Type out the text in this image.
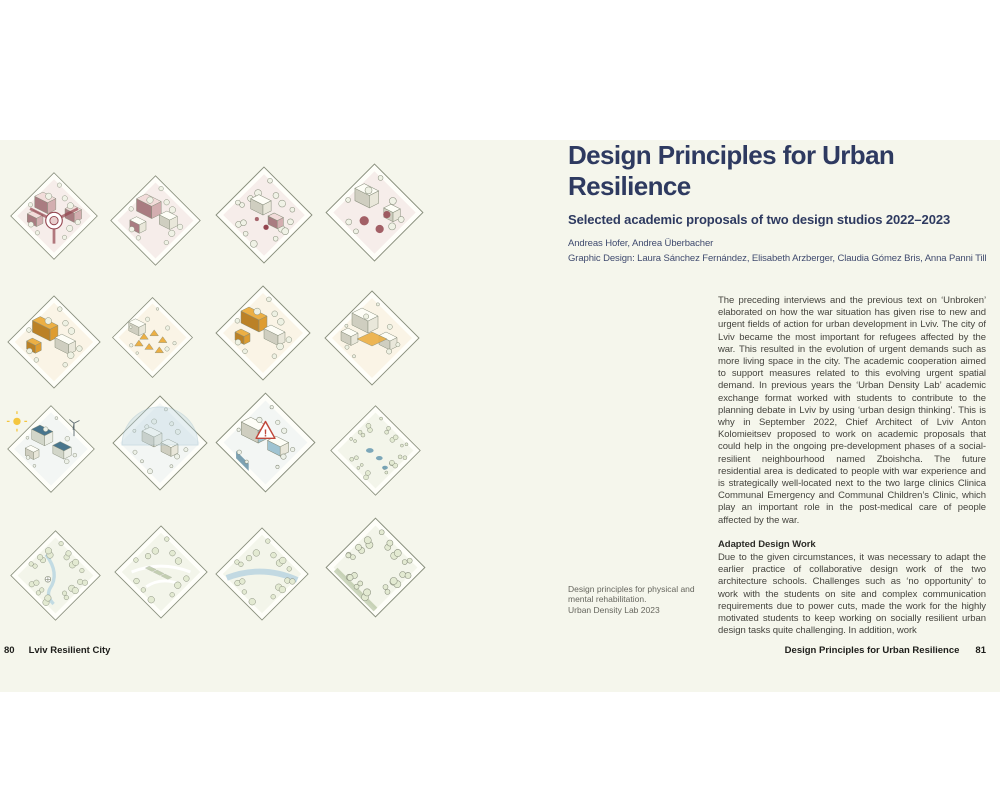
!
80 Lviv Resilient City
Design Principles for Urban Resilience
Selected academic proposals of two design studios 2022–2023
Andreas Hofer, Andrea Überbacher
Graphic Design: Laura Sánchez Fernández, Elisabeth Arzberger, Claudia Gómez Bris, Anna Panni Till

The preceding interviews and the previous text on ‘Unbroken’ elaborated on how the war situation has given rise to new and urgent fields of action for urban development in Lviv. The city of Lviv became the most important for refugees affected by the war. This resulted in the evolution of urgent demands such as more living space in the city. The academic cooperation aimed to support measures related to this evolving urgent spatial demand. In previous years the ‘Urban Density Lab’ academic exchange format worked with students to contribute to the planning debate in Lviv by using ‘urban design thinking’. This is why in September 2022, Chief Architect of Lviv Anton Kolomieitsev proposed to work on academic proposals that could help in the ongoing pre-development phases of a social-resilient neighbourhood named Zboishcha. The future residential area is dedicated to people with war experience and is strategically well-located next to the two large clinics Clinica Communal Emergency and Communal Children’s Clinic, which play an important role in the post-medical care of people affected by the war.

Adapted Design Work

Due to the given circumstances, it was necessary to adapt the earlier practice of collaborative design work of the two architecture schools. Challenges such as ‘no opportunity’ to work with the students on site and complex communication requirements due to power cuts, made the work for the highly motivated students to keep working on socially resilient urban design tasks quite challenging. In addition, work

Design principles for physical and mental rehabilitation.
Urban Density Lab 2023
Design Principles for Urban Resilience 81
